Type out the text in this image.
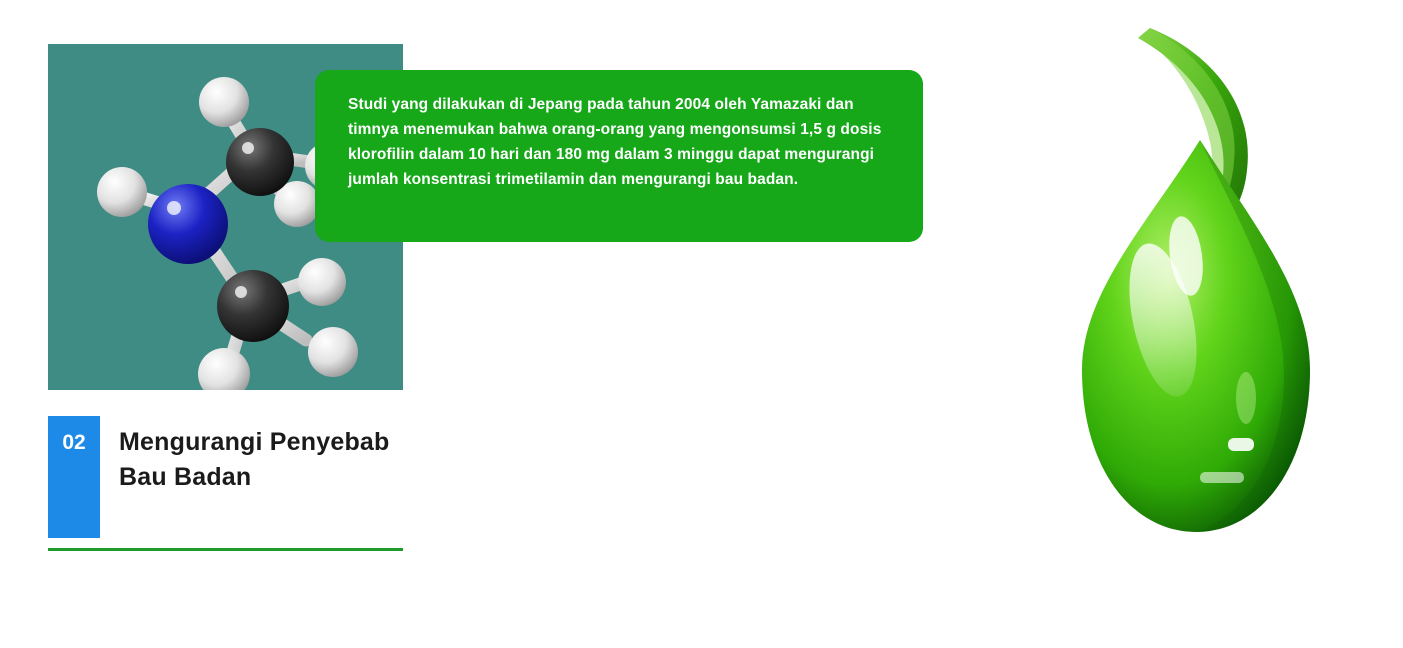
Studi yang dilakukan di Jepang pada tahun 2004 oleh Yamazaki dan timnya menemukan bahwa orang-orang yang mengonsumsi 1,5 g dosis klorofilin dalam 10 hari dan 180 mg dalam 3 minggu dapat mengurangi jumlah konsentrasi trimetilamin dan mengurangi bau badan.

02	Mengurangi Penyebab Bau Badan
